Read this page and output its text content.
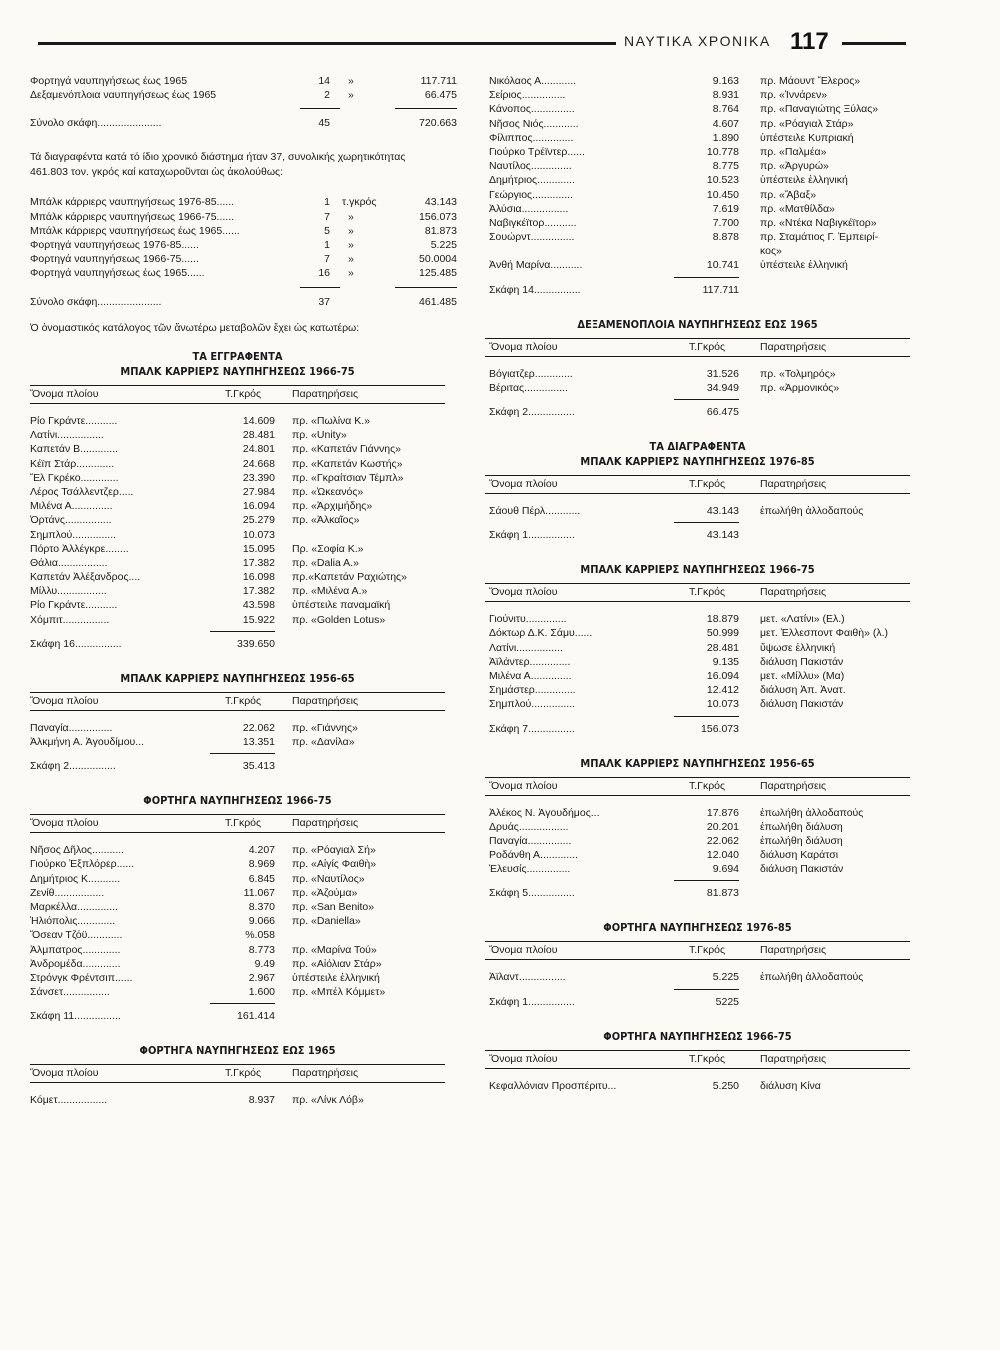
ΝΑΥΤΙΚΑ ΧΡΟΝΙΚΑ 117
Φορτηγά ναυπηγήσεως έως 1965	14 »	117.711
Δεξαμενόπλοια ναυπηγήσεως έως 1965	2 »	66.475
Σύνολο σκάφη......................	45	720.663
Τά διαγραφέντα κατά τό ίδιο χρονικό διάστημα ήταν 37, συνολικής χωρητικότητας 461.803 τον. γκρός καί καταχωροῦνται ὡς ἀκολούθως:
Μπάλκ κάρριερς ναυπηγήσεως 1976-85......	1 τ.γκρός	43.143
Μπάλκ κάρριερς ναυπηγήσεως 1966-75......	7 »	156.073
Μπάλκ κάρριερς ναυπηγήσεως έως 1965......	5 »	81.873
Φορτηγά ναυπηγήσεως 1976-85......	1 »	5.225
Φορτηγά ναυπηγήσεως 1966-75......	7 »	50.0004
Φορτηγά ναυπηγήσεως έως 1965......	16 »	125.485
Σύνολο σκάφη......................	37	461.485
Ὁ ὀνομαστικός κατάλογος τῶν ἄνωτέρω μεταβολῶν ἔχει ὡς κατωτέρω:
ΤΑ ΕΓΓΡΑΦΕΝΤΑ
ΜΠΑΛΚ ΚΑΡΡΙΕΡΣ ΝΑΥΠΗΓΗΣΕΩΣ 1966-75
Ὄνομα πλοίου	Τ.Γκρός	Παρατηρήσεις
Ρίο Γκράντε...........	14.609 πρ. «Πωλίνα Κ.»
Λατίνι................	28.481 πρ. «Unity»
Καπετάν Β.............	24.801 πρ. «Καπετάν Γιάννης»
Κέϊπ Στάρ.............	24.668 πρ. «Καπετάν Κωστής»
Ἔλ Γκρέκο.............	23.390 πρ. «Γκραίτσιαν Τέμπλ»
Λέρος Τσάλλεντζερ.....	27.984 πρ. «Ὠκεανός»
Μιλένα Α..............	16.094 πρ. «Ἀρχιμήδης»
Ὀρτάνς................	25.279 πρ. «Ἀλκαῖος»
Σημπλού...............	10.073
Πόρτο Ἀλλέγκρε........	15.095 Πρ. «Σοφία Κ.»
Θάλια.................	17.382 πρ. «Dalia A.»
Καπετάν Ἀλέξανδρος....	16.098 πρ.«Καπετάν Ραχιώτης»
Μίλλυ.................	17.382 πρ. «Μιλένα Α.»
Ρίο Γκράντε...........	43.598 ὑπέστειλε παναμαϊκή
Χόμπιτ................	15.922 πρ. «Golden Lotus»
Σκάφη 16................	339.650
ΜΠΑΛΚ ΚΑΡΡΙΕΡΣ ΝΑΥΠΗΓΗΣΕΩΣ 1956-65
Ὄνομα πλοίου	Τ.Γκρός	Παρατηρήσεις
Παναγία...............	22.062 πρ. «Γιάννης»
Ἀλκμήνη Α. Ἀγουδίμου...	13.351 πρ. «Δανίλα»
Σκάφη 2................	35.413
ΦΟΡΤΗΓΑ ΝΑΥΠΗΓΗΣΕΩΣ 1966-75
Ὄνομα πλοίου	Τ.Γκρός	Παρατηρήσεις
Νῆσος Δῆλος...........	4.207 πρ. «Ρόαγιαλ Σή»
Γιούρκο Ἐξπλόρερ......	8.969 πρ. «Αἰγίς Φαιθὴ»
Δημήτριος Κ...........	6.845 πρ. «Ναυτίλος»
Ζενίθ.................	11.067 πρ. «Ἀζούμα»
Μαρκέλλα..............	8.370 πρ. «San Benito»
Ἡλιόπολις.............	9.066 πρ. «Daniella»
Ὄσεαν Τζόϋ............	%.058
Ἀλμπατρος.............	8.773 πρ. «Μαρίνα Τού»
Ἀνδρομέδα.............	9.49 πρ. «Αἰόλιαν Στάρ»
Στρόνγκ Φρέντσιπ......	2.967 ὑπέστειλε ἑλληνική
Σάνσετ................	1.600 πρ. «Μπέλ Κόμμετ»
Σκάφη 11................	161.414
ΦΟΡΤΗΓΑ ΝΑΥΠΗΓΗΣΕΩΣ ΕΩΣ 1965
Ὄνομα πλοίου	Τ.Γκρός	Παρατηρήσεις
Κόμετ.................	8.937 πρ. «Λίνκ Λόβ»
Νικόλαος Α............	9.163 πρ. Μάουντ Ἔλερος»
Σείριος...............	8.931 πρ. «Ἰννάρεν»
Κάνοπος...............	8.764 πρ. «Παναγιώτης Ξύλας»
Νῆσος Νιός............	4.607 πρ. «Ρόαγιαλ Στάρ»
Φίλιππος..............	1.890 ὑπέστειλε Κυπριακή
Γιούρκο Τρέϊντερ......	10.778 πρ. «Παλμέα»
Ναυτίλος..............	8.775 πρ. «Ἀργυρώ»
Δημήτριος.............	10.523 ὑπέστειλε ἑλληνική
Γεώργιος..............	10.450 πρ. «Ἄβαξ»
Ἀλύσια................	7.619 πρ. «Ματθίλδα»
Ναβιγκέϊτορ...........	7.700 πρ. «Ντέκα Ναβιγκέϊτορ»
Σουώρντ...............	8.878 πρ. Σταμάτιος Γ. Ἐμπειρί-
κος»
Ἀνθή Μαρίνα...........	10.741 ὑπέστειλε ἑλληνική
Σκάφη 14................	117.711
ΔΕΞΑΜΕΝΟΠΛΟΙΑ ΝΑΥΠΗΓΗΣΕΩΣ ΕΩΣ 1965
Ὄνομα πλοίου	Τ.Γκρός	Παρατηρήσεις
Βόγιατζερ.............	31.526 πρ. «Τολμηρός»
Βέριτας...............	34.949 πρ. «Ἀρμονικός»
Σκάφη 2................	66.475
ΤΑ ΔΙΑΓΡΑΦΕΝΤΑ
ΜΠΑΛΚ ΚΑΡΡΙΕΡΣ ΝΑΥΠΗΓΗΣΕΩΣ 1976-85
Ὄνομα πλοίου	Τ.Γκρός	Παρατηρήσεις
Σάουθ Πέρλ............	43.143 ἐπωλήθη ἀλλοδαπούς
Σκάφη 1................	43.143
ΜΠΑΛΚ ΚΑΡΡΙΕΡΣ ΝΑΥΠΗΓΗΣΕΩΣ 1966-75
Ὄνομα πλοίου	Τ.Γκρός	Παρατηρήσεις
Γιούνιτυ..............	18.879 μετ. «Λατίνι» (Ελ.)
Δόκτωρ Δ.Κ. Σάμυ......	50.999 μετ. Ἐλλεσποντ Φαιθὴ» (λ.)
Λατίνι................	28.481 ὕψωσε ἑλληνική
Ἀϊλάντερ..............	9.135 διάλυση Πακιστάν
Μιλένα Α..............	16.094 μετ. «Μίλλυ» (Μα)
Σημάστερ..............	12.412 διάλυση Ἀπ. Ἀνατ.
Σημπλού...............	10.073 διάλυση Πακιστάν
Σκάφη 7................	156.073
ΜΠΑΛΚ ΚΑΡΡΙΕΡΣ ΝΑΥΠΗΓΗΣΕΩΣ 1956-65
Ὄνομα πλοίου	Τ.Γκρός	Παρατηρήσεις
Ἀλέκος Ν. Ἀγουδήμος...	17.876 ἐπωλήθη ἀλλοδαπούς
Δρυάς.................	20.201 ἐπωλήθη διάλυση
Παναγία...............	22.062 ἐπωλήθη διάλυση
Ροδάνθη Α.............	12.040 διάλυση Καράτσι
Ἐλευσίς...............	9.694 διάλυση Πακιστάν
Σκάφη 5................	81.873
ΦΟΡΤΗΓΑ ΝΑΥΠΗΓΗΣΕΩΣ 1976-85
Ὄνομα πλοίου	Τ.Γκρός	Παρατηρήσεις
Ἀϊλαντ................	5.225 ἐπωλήθη ἀλλοδαπούς
Σκάφη 1................	5225
ΦΟΡΤΗΓΑ ΝΑΥΠΗΓΗΣΕΩΣ 1966-75
Ὄνομα πλοίου	Τ.Γκρός	Παρατηρήσεις
Κεφαλλόνιαν Προσπέριτυ...	5.250 διάλυση Κίνα
